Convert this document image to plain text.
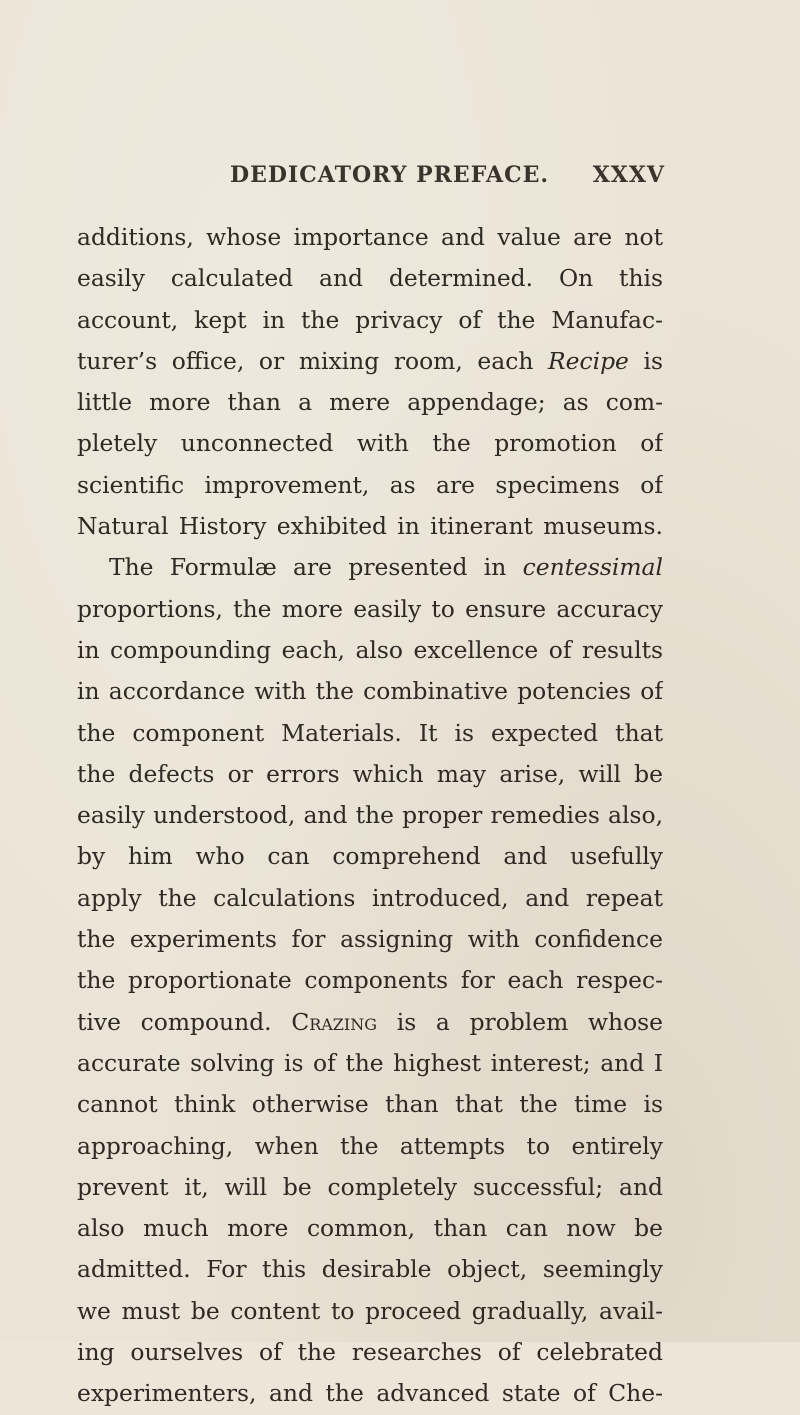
DEDICATORY PREFACE. XXXV
additions, whose importance and value are not
easily calculated and determined. On this
account, kept in the privacy of the Manufac-
turer’s office, or mixing room, each Recipe is
little more than a mere appendage; as com-
pletely unconnected with the promotion of
scientific improvement, as are specimens of
Natural History exhibited in itinerant museums.
The Formulæ are presented in centessimal
proportions, the more easily to ensure accuracy
in compounding each, also excellence of results
in accordance with the combinative potencies of
the component Materials. It is expected that
the defects or errors which may arise, will be
easily understood, and the proper remedies also,
by him who can comprehend and usefully
apply the calculations introduced, and repeat
the experiments for assigning with confidence
the proportionate components for each respec-
tive compound. Crazing is a problem whose
accurate solving is of the highest interest; and I
cannot think otherwise than that the time is
approaching, when the attempts to entirely
prevent it, will be completely successful; and
also much more common, than can now be
admitted. For this desirable object, seemingly
we must be content to proceed gradually, avail-
ing ourselves of the researches of celebrated
experimenters, and the advanced state of Che-
